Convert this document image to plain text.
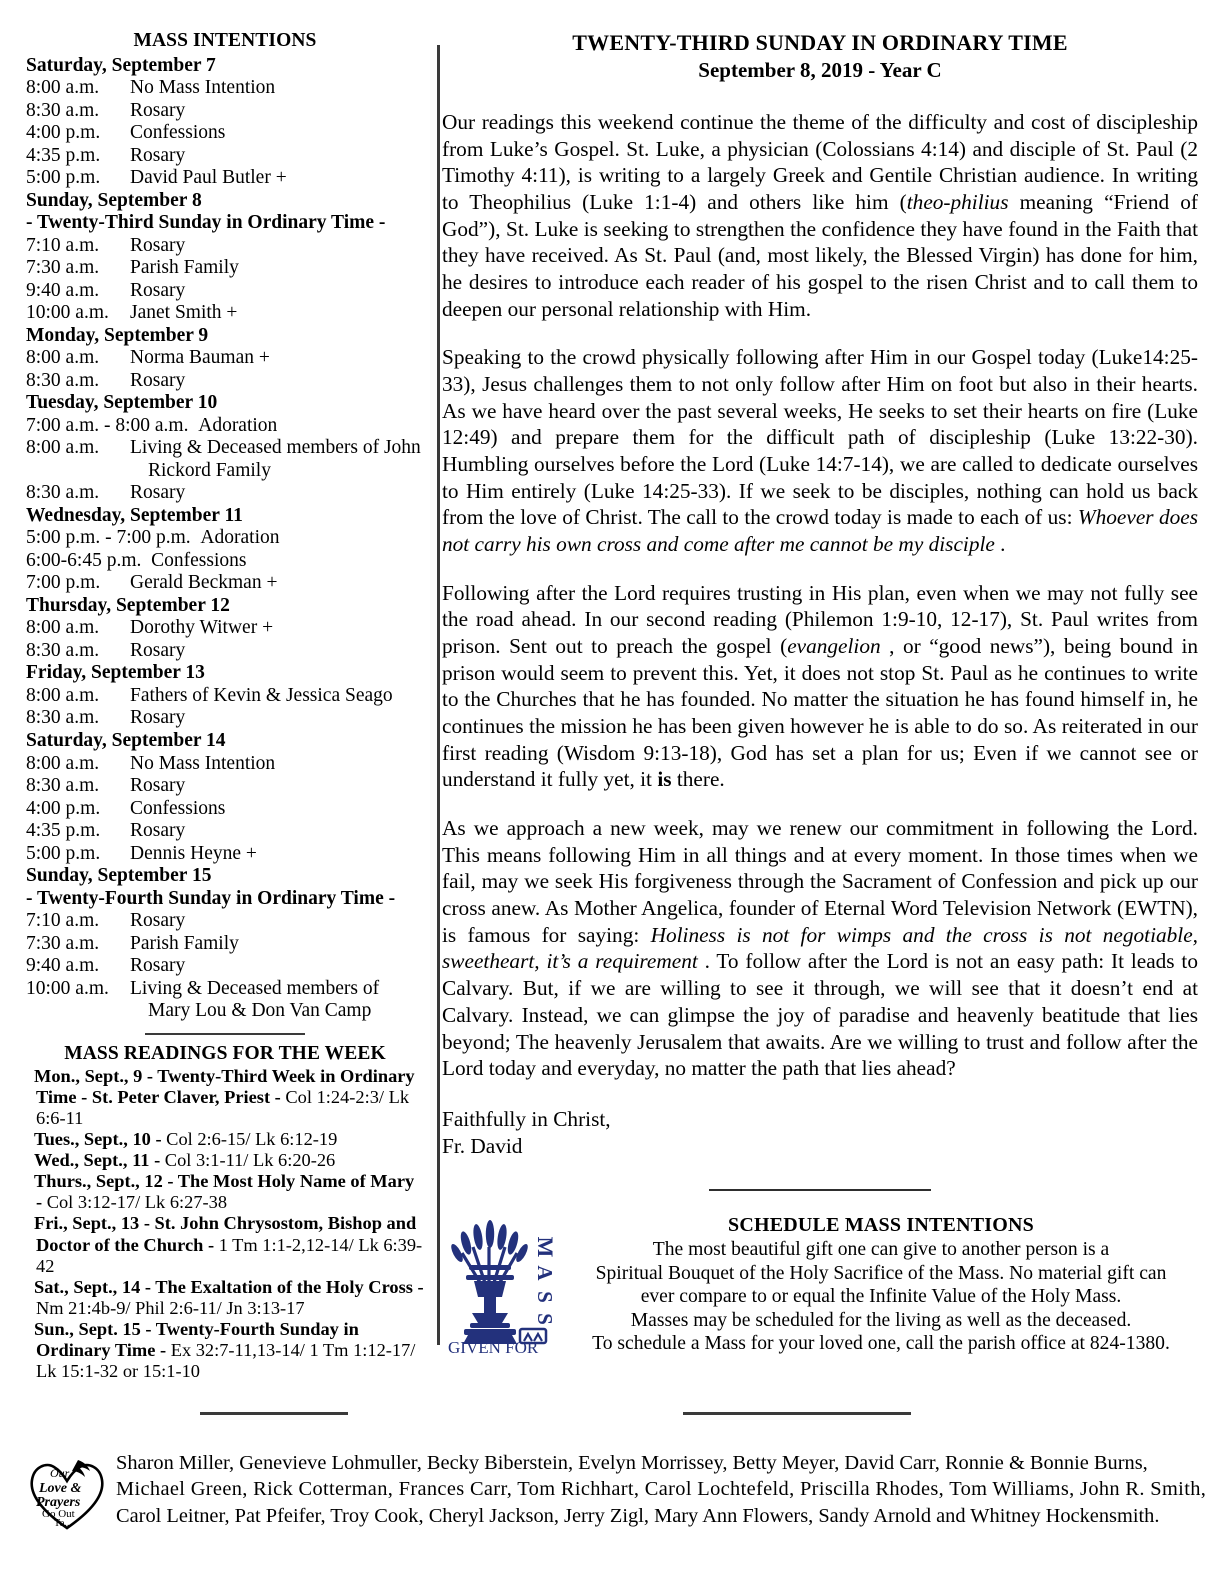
MASS INTENTIONS
Saturday, September 7
8:00 a.m.	No Mass Intention
8:30 a.m.	Rosary
4:00 p.m.	Confessions
4:35 p.m.	Rosary
5:00 p.m.	David Paul Butler +
Sunday, September 8
- Twenty-Third Sunday in Ordinary Time -
7:10 a.m.	Rosary
7:30 a.m.	Parish Family
9:40 a.m.	Rosary
10:00 a.m.	Janet Smith +
Monday, September 9
8:00 a.m.	Norma Bauman +
8:30 a.m.	Rosary
Tuesday, September 10
7:00 a.m. - 8:00 a.m. Adoration
8:00 a.m.	Living & Deceased members of John
Rickord Family
8:30 a.m.	Rosary
Wednesday, September 11
5:00 p.m. - 7:00 p.m. Adoration
6:00-6:45 p.m. Confessions
7:00 p.m.	Gerald Beckman +
Thursday, September 12
8:00 a.m.	Dorothy Witwer +
8:30 a.m.	Rosary
Friday, September 13
8:00 a.m.	Fathers of Kevin & Jessica Seago
8:30 a.m.	Rosary
Saturday, September 14
8:00 a.m.	No Mass Intention
8:30 a.m.	Rosary
4:00 p.m.	Confessions
4:35 p.m.	Rosary
5:00 p.m.	Dennis Heyne +
Sunday, September 15
- Twenty-Fourth Sunday in Ordinary Time -
7:10 a.m.	Rosary
7:30 a.m.	Parish Family
9:40 a.m.	Rosary
10:00 a.m.	Living & Deceased members of
Mary Lou & Don Van Camp
MASS READINGS FOR THE WEEK
Mon., Sept., 9 - Twenty-Third Week in Ordinary Time - St. Peter Claver, Priest - Col 1:24-2:3/ Lk 6:6-11
Tues., Sept., 10 - Col 2:6-15/ Lk 6:12-19
Wed., Sept., 11 - Col 3:1-11/ Lk 6:20-26
Thurs., Sept., 12 - The Most Holy Name of Mary - Col 3:12-17/ Lk 6:27-38
Fri., Sept., 13 - St. John Chrysostom, Bishop and Doctor of the Church - 1 Tm 1:1-2,12-14/ Lk 6:39-42
Sat., Sept., 14 - The Exaltation of the Holy Cross - Nm 21:4b-9/ Phil 2:6-11/ Jn 3:13-17
Sun., Sept. 15 - Twenty-Fourth Sunday in Ordinary Time - Ex 32:7-11,13-14/ 1 Tm 1:12-17/ Lk 15:1-32 or 15:1-10
TWENTY-THIRD SUNDAY IN ORDINARY TIME
September 8, 2019 - Year C

Our readings this weekend continue the theme of the difficulty and cost of discipleship from Luke’s Gospel. St. Luke, a physician (Colossians 4:14) and disciple of St. Paul (2 Timothy 4:11), is writing to a largely Greek and Gentile Christian audience. In writing to Theophilius (Luke 1:1-4) and others like him (theo-philius meaning “Friend of God”), St. Luke is seeking to strengthen the confidence they have found in the Faith that they have received. As St. Paul (and, most likely, the Blessed Virgin) has done for him, he desires to introduce each reader of his gospel to the risen Christ and to call them to deepen our personal relationship with Him.

Speaking to the crowd physically following after Him in our Gospel today (Luke14:25-33), Jesus challenges them to not only follow after Him on foot but also in their hearts. As we have heard over the past several weeks, He seeks to set their hearts on fire (Luke 12:49) and prepare them for the difficult path of discipleship (Luke 13:22-30). Humbling ourselves before the Lord (Luke 14:7-14), we are called to dedicate ourselves to Him entirely (Luke 14:25-33). If we seek to be disciples, nothing can hold us back from the love of Christ. The call to the crowd today is made to each of us: Whoever does not carry his own cross and come after me cannot be my disciple .

Following after the Lord requires trusting in His plan, even when we may not fully see the road ahead. In our second reading (Philemon 1:9-10, 12-17), St. Paul writes from prison. Sent out to preach the gospel (evangelion , or “good news”), being bound in prison would seem to prevent this. Yet, it does not stop St. Paul as he continues to write to the Churches that he has founded. No matter the situation he has found himself in, he continues the mission he has been given however he is able to do so. As reiterated in our first reading (Wisdom 9:13-18), God has set a plan for us; Even if we cannot see or understand it fully yet, it is there.

As we approach a new week, may we renew our commitment in following the Lord. This means following Him in all things and at every moment. In those times when we fail, may we seek His forgiveness through the Sacrament of Confession and pick up our cross anew. As Mother Angelica, founder of Eternal Word Television Network (EWTN), is famous for saying: Holiness is not for wimps and the cross is not negotiable, sweetheart, it’s a requirement . To follow after the Lord is not an easy path: It leads to Calvary. But, if we are willing to see it through, we will see that it doesn’t end at Calvary. Instead, we can glimpse the joy of paradise and heavenly beatitude that lies beyond; The heavenly Jerusalem that awaits. Are we willing to trust and follow after the Lord today and everyday, no matter the path that lies ahead?

Faithfully in Christ,
Fr. David
M
A
S
S
GIVEN FOR
SCHEDULE MASS INTENTIONS
The most beautiful gift one can give to another person is a
Spiritual Bouquet of the Holy Sacrifice of the Mass. No material gift can
ever compare to or equal the Infinite Value of the Holy Mass.
Masses may be scheduled for the living as well as the deceased.
To schedule a Mass for your loved one, call the parish office at 824-1380.
Our
Love &
Prayers
Go Out
To...
Sharon Miller, Genevieve Lohmuller, Becky Biberstein, Evelyn Morrissey, Betty Meyer, David Carr, Ronnie & Bonnie Burns,
Michael Green, Rick Cotterman, Frances Carr, Tom Richhart, Carol Lochtefeld, Priscilla Rhodes, Tom Williams, John R. Smith,
Carol Leitner, Pat Pfeifer, Troy Cook, Cheryl Jackson, Jerry Zigl, Mary Ann Flowers, Sandy Arnold and Whitney Hockensmith.
